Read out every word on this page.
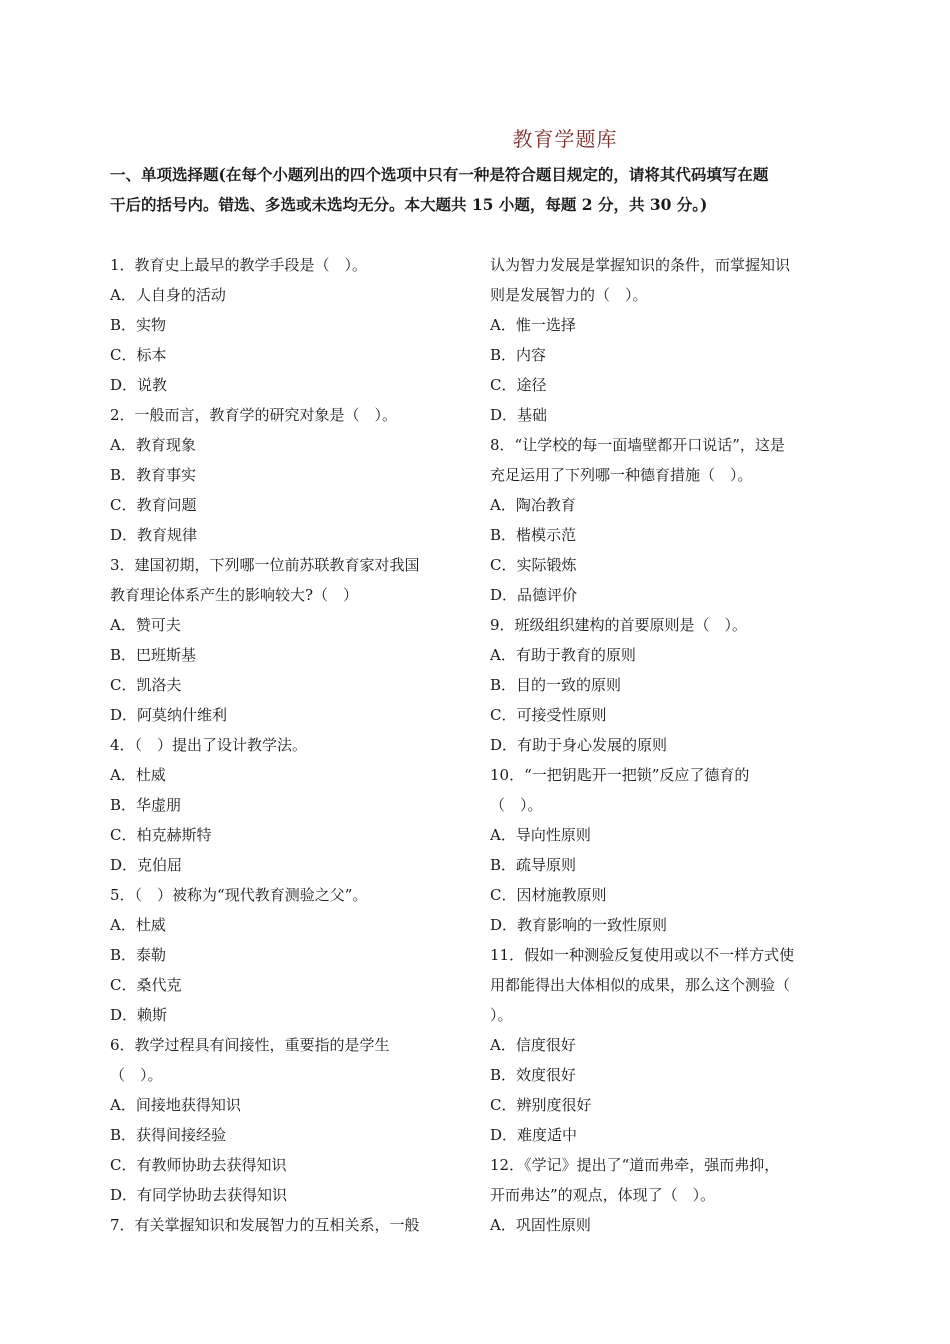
教育学题库
一、单项选择题(在每个小题列出的四个选项中只有一种是符合题目规定的，请将其代码填写在题
干后的括号内。错选、多选或未选均无分。本大题共 15 小题，每题 2 分，共 30 分。)
1．教育史上最早的教学手段是（　）。
A．人自身的活动
B．实物
C．标本
D．说教
2．一般而言，教育学的研究对象是（　）。
A．教育现象
B．教育事实
C．教育问题
D．教育规律
3．建国初期，下列哪一位前苏联教育家对我国
教育理论体系产生的影响较大?（　）
A．赞可夫
B．巴班斯基
C．凯洛夫
D．阿莫纳什维利
4．（　）提出了设计教学法。
A．杜威
B．华虚朋
C．柏克赫斯特
D．克伯屈
5．（　）被称为“现代教育测验之父”。
A．杜威
B．泰勒
C．桑代克
D．赖斯
6．教学过程具有间接性，重要指的是学生
（　）。
A．间接地获得知识
B．获得间接经验
C．有教师协助去获得知识
D．有同学协助去获得知识
7．有关掌握知识和发展智力的互相关系，一般
认为智力发展是掌握知识的条件，而掌握知识
则是发展智力的（　）。
A．惟一选择
B．内容
C．途径
D．基础
8．“让学校的每一面墙壁都开口说话”，这是
充足运用了下列哪一种德育措施（　）。
A．陶冶教育
B．楷模示范
C．实际锻炼
D．品德评价
9．班级组织建构的首要原则是（　）。
A．有助于教育的原则
B．目的一致的原则
C．可接受性原则
D．有助于身心发展的原则
10．“一把钥匙开一把锁”反应了德育的
（　）。
A．导向性原则
B．疏导原则
C．因材施教原则
D．教育影响的一致性原则
11．假如一种测验反复使用或以不一样方式使
用都能得出大体相似的成果，那么这个测验（
）。
A．信度很好
B．效度很好
C．辨别度很好
D．难度适中
12．《学记》提出了“道而弗牵，强而弗抑，
开而弗达”的观点，体现了（　）。
A．巩固性原则
